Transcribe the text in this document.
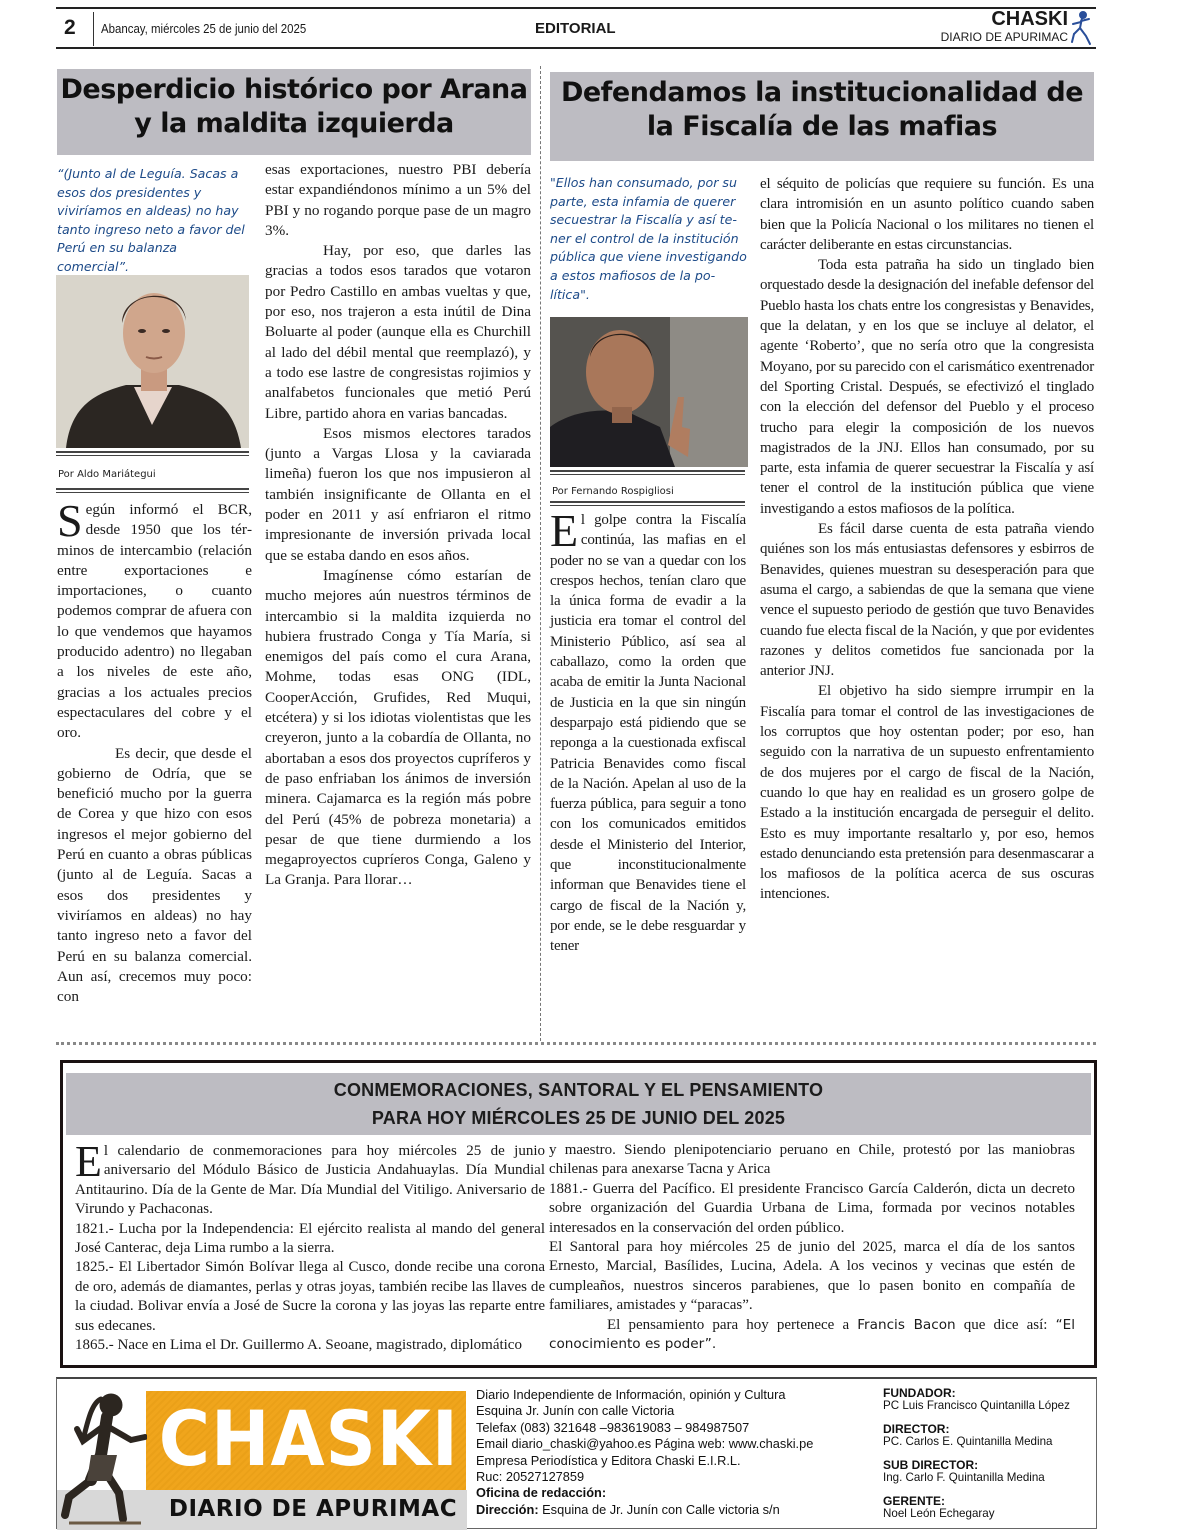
2 Abancay, miércoles 25 de junio del 2025	EDITORIAL	CHASKI
DIARIO DE APURIMAC
Desperdicio histórico por Arana y la maldita izquierda
“(Junto al de Leguía. Sacas a esos dos presidentes y viviríamos en aldeas) no hay tanto ingreso neto a favor del Perú en su balanza comercial”.
Por Aldo Mariátegui

Según informó el BCR, desde 1950 que los términos de intercambio (relación entre exportaciones e importaciones, o cuanto podemos comprar de afuera con lo que vendemos que hayamos producido adentro) no llegaban a los niveles de este año, gracias a los actuales precios espectaculares del cobre y el oro.

Es decir, que desde el gobierno de Odría, que se benefició mucho por la guerra de Corea y que hizo con esos ingresos el mejor gobierno del Perú en cuanto a obras públicas (junto al de Leguía. Sacas a esos dos presidentes y viviríamos en aldeas) no hay tanto ingreso neto a favor del Perú en su balanza comercial. Aun así, crecemos muy poco: con

esas exportaciones, nuestro PBI debería estar expandiéndonos mínimo a un 5% del PBI y no rogando porque pase de un magro 3%.

Hay, por eso, que darles las gracias a todos esos tarados que votaron por Pedro Castillo en ambas vueltas y que, por eso, nos trajeron a esta inútil de Dina Boluarte al poder (aunque ella es Churchill al lado del débil mental que reemplazó), y a todo ese lastre de congresistas rojimios y analfabetos funcionales que metió Perú Libre, partido ahora en varias bancadas.

Esos mismos electores tarados (junto a Vargas Llosa y la caviarada limeña) fueron los que nos impusieron al también insignificante de Ollanta en el poder en 2011 y así enfriaron el ritmo impresionante de inversión privada local que se estaba dando en esos años.

Imagínense cómo estarían de mucho mejores aún nuestros términos de intercambio si la maldita izquierda no hubiera frustrado Conga y Tía María, si enemigos del país como el cura Arana, Mohme, todas esas ONG (IDL, CooperAcción, Grufides, Red Muqui, etcétera) y si los idiotas violentistas que les creyeron, junto a la cobardía de Ollanta, no abortaban a esos dos proyectos cupríferos y de paso enfriaban los ánimos de inversión minera. Cajamarca es la región más pobre del Perú (45% de pobreza monetaria) a pesar de que tiene durmiendo a los megaproyectos cupríeros Conga, Galeno y La Granja. Para llorar…

Defendamos la institucionalidad de la Fiscalía de las mafias
"Ellos han consumado, por su parte, esta infamia de querer secuestrar la Fiscalía y así tener el control de la institución pública que viene investigando a estos mafiosos de la política".
Por Fernando Rospigliosi

El golpe contra la Fiscalía continúa, las mafias en el poder no se van a quedar con los crespos hechos, tenían claro que la única forma de evadir a la justicia era tomar el control del Ministerio Público, así sea al caballazo, como la orden que acaba de emitir la Junta Nacional de Justicia en la que sin ningún desparpajo está pidiendo que se reponga a la cuestionada exfiscal Patricia Benavides como fiscal de la Nación. Apelan al uso de la fuerza pública, para seguir a tono con los comunicados emitidos desde el Ministerio del Interior, que inconstitucionalmente informan que Benavides tiene el cargo de fiscal de la Nación y, por ende, se le debe resguardar y tener

el séquito de policías que requiere su función. Es una clara intromisión en un asunto político cuando saben bien que la Policía Nacional o los militares no tienen el carácter deliberante en estas circunstancias.

Toda esta patraña ha sido un tinglado bien orquestado desde la designación del inefable defensor del Pueblo hasta los chats entre los congresistas y Benavides, que la delatan, y en los que se incluye al delator, el agente ‘Roberto’, que no sería otro que la congresista Moyano, por su parecido con el carismático exentrenador del Sporting Cristal. Después, se efectivizó el tinglado con la elección del defensor del Pueblo y el proceso trucho para elegir la composición de los nuevos magistrados de la JNJ. Ellos han consumado, por su parte, esta infamia de querer secuestrar la Fiscalía y así tener el control de la institución pública que viene investigando a estos mafiosos de la política.

Es fácil darse cuenta de esta patraña viendo quiénes son los más entusiastas defensores y esbirros de Benavides, quienes muestran su desesperación para que asuma el cargo, a sabiendas de que la semana que viene vence el supuesto periodo de gestión que tuvo Benavides cuando fue electa fiscal de la Nación, y que por evidentes razones y delitos cometidos fue sancionada por la anterior JNJ.

El objetivo ha sido siempre irrumpir en la Fiscalía para tomar el control de las investigaciones de los corruptos que hoy ostentan poder; por eso, han seguido con la narrativa de un supuesto enfrentamiento de dos mujeres por el cargo de fiscal de la Nación, cuando lo que hay en realidad es un grosero golpe de Estado a la institución encargada de perseguir el delito. Esto es muy importante resaltarlo y, por eso, hemos estado denunciando esta pretensión para desenmascarar a los mafiosos de la política acerca de sus oscuras intenciones.

CONMEMORACIONES, SANTORAL Y EL PENSAMIENTO
PARA HOY MIÉRCOLES 25 DE JUNIO DEL 2025

El calendario de conmemoraciones para hoy miércoles 25 de junio aniversario del Módulo Básico de Justicia Andahuaylas. Día Mundial Antitaurino. Día de la Gente de Mar. Día Mundial del Vitiligo. Aniversario de Virundo y Pachaconas.

1821.- Lucha por la Independencia: El ejército realista al mando del general José Canterac, deja Lima rumbo a la sierra.

1825.- El Libertador Simón Bolívar llega al Cusco, donde recibe una corona de oro, además de diamantes, perlas y otras joyas, también recibe las llaves de la ciudad. Bolivar envía a José de Sucre la corona y las joyas las reparte entre sus edecanes.

1865.- Nace en Lima el Dr. Guillermo A. Seoane, magistrado, diplomático

y maestro. Siendo plenipotenciario peruano en Chile, protestó por las maniobras chilenas para anexarse Tacna y Arica

1881.- Guerra del Pacífico. El presidente Francisco García Calderón, dicta un decreto sobre organización del Guardia Urbana de Lima, formada por vecinos notables interesados en la conservación del orden público.

El Santoral para hoy miércoles 25 de junio del 2025, marca el día de los santos Ernesto, Marcial, Basílides, Lucina, Adela. A los vecinos y vecinas que estén de cumpleaños, nuestros sinceros parabienes, que lo pasen bonito en compañía de familiares, amistades y “paracas”.

El pensamiento para hoy pertenece a Francis Bacon que dice así: “El conocimiento es poder”.

CHASKI
DIARIO DE APURIMAC
Diario Independiente de Información, opinión y Cultura
Esquina Jr. Junín con calle Victoria
Telefax (083) 321648 –983619083 – 984987507
Email diario_chaski@yahoo.es Página web: www.chaski.pe
Empresa Periodística y Editora Chaski E.I.R.L.
Ruc: 20527127859
Oficina de redacción:
Dirección: Esquina de Jr. Junín con Calle victoria s/n
FUNDADOR:
PC Luis Francisco Quintanilla López
DIRECTOR:
PC. Carlos E. Quintanilla Medina
SUB DIRECTOR:
Ing. Carlo F. Quintanilla Medina
GERENTE:
Noel León Echegaray
